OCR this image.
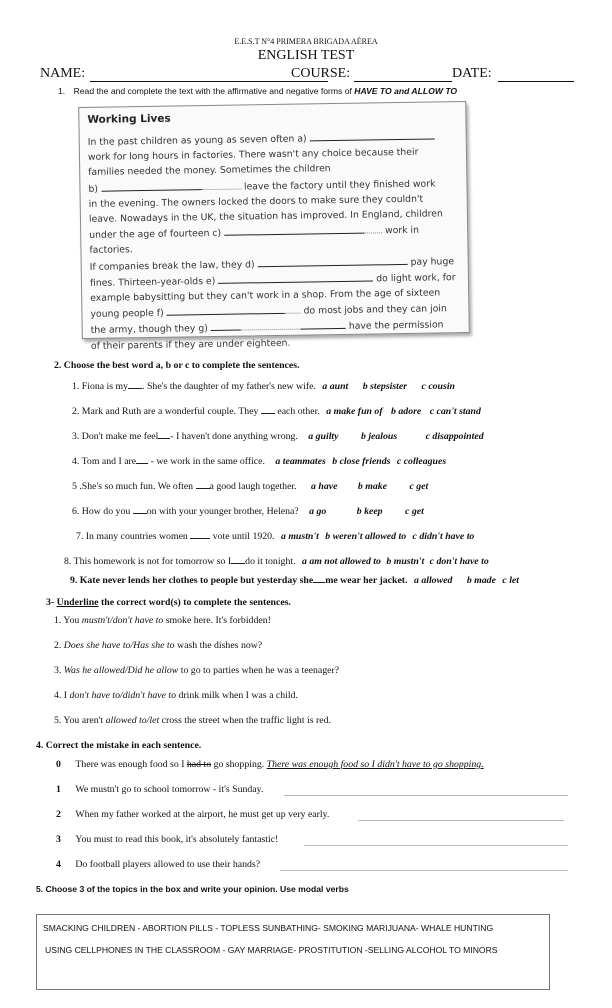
E.E.S.T N°4 PRIMERA BRIGADA AÉREA
ENGLISH TEST
NAME:	COURSE:	DATE:
1. Read the and complete the text with the affirmative and negative forms of HAVE TO and ALLOW TO
Working Lives
In the past children as young as seven often a)
work for long hours in factories. There wasn't any choice because their
families needed the money. Sometimes the children
b)	leave the factory until they finished work
in the evening. The owners locked the doors to make sure they couldn't
leave. Nowadays in the UK, the situation has improved. In England, children
under the age of fourteen c)	work in factories.
If companies break the law, they d)	pay huge
fines. Thirteen-year-olds e)	do light work, for
example babysitting but they can't work in a shop. From the age of sixteen
young people f)	do most jobs and they can join
the army, though they g)	have the permission
of their parents if they are under eighteen.
2. Choose the best word a, b or c to complete the sentences.
1. Fiona is my . She's the daughter of my father's new wife. a aunt b stepsister c cousin
2. Mark and Ruth are a wonderful couple. They  each other. a make fun of b adore c can't stand
3. Don't make me feel - I haven't done anything wrong. a guilty b jealous	c disappointed
4. Tom and I are - we work in the same office. a teammates b close friends c colleagues
5 .She's so much fun. We often a good laugh together. a have b make c get
6. How do you on with your younger brother, Helena? a go	b keep c get
7. In many countries women  vote until 1920. a mustn't b weren't allowed to c didn't have to
8. This homework is not for tomorrow so I do it tonight. a am not allowed to b mustn't c don't have to
9. Kate never lends her clothes to people but yesterday she me wear her jacket. a allowed b made c let
3- Underline the correct word(s) to complete the sentences.
1. You mustn't/don't have to smoke here. It's forbidden!
2. Does she have to/Has she to wash the dishes now?
3. Was he allowed/Did he allow to go to parties when he was a teenager?
4. I don't have to/didn't have to drink milk when I was a child.
5. You aren't allowed to/let cross the street when the traffic light is red.
4. Correct the mistake in each sentence.
0 There was enough food so I had to go shopping. There was enough food so I didn't have to go shopping.
1 We mustn't go to school tomorrow - it's Sunday.
2 When my father worked at the airport, he must get up very early.
3 You must to read this book, it's absolutely fantastic!
4 Do football players allowed to use their hands?
5. Choose 3 of the topics in the box and write your opinion. Use modal verbs
SMACKING CHILDREN - ABORTION PILLS - TOPLESS SUNBATHING- SMOKING MARIJUANA- WHALE HUNTING
USING CELLPHONES IN THE CLASSROOM - GAY MARRIAGE- PROSTITUTION -SELLING ALCOHOL TO MINORS
